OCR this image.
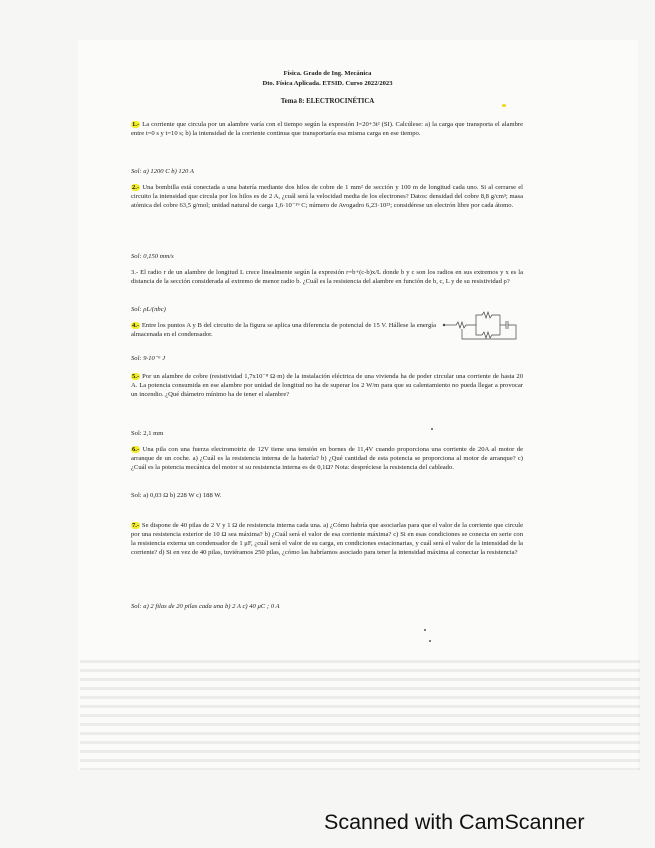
Física. Grado de Ing. Mecánica
Dto. Física Aplicada. ETSID. Curso 2022/2023
Tema 8: ELECTROCINÉTICA
1.- La corriente que circula por un alambre varía con el tiempo según la expresión I=20+3t² (SI). Calcúlese: a) la carga que transporta el alambre entre t=0 s y t=10 s; b) la intensidad de la corriente continua que transportaría esa misma carga en ese tiempo.
Sol: a) 1200 C b) 120 A
2.- Una bombilla está conectada a una batería mediante dos hilos de cobre de 1 mm² de sección y 100 m de longitud cada uno. Si al cerrarse el circuito la intensidad que circula por los hilos es de 2 A, ¿cuál será la velocidad media de los electrones? Datos: densidad del cobre 8,8 g/cm³; masa atómica del cobre 63,5 g/mol; unidad natural de carga 1,6·10⁻¹⁹ C; número de Avogadro 6,23·10²³; considérese un electrón libre por cada átomo.
Sol: 0,150 mm/s
3.- El radio r de un alambre de longitud L crece linealmente según la expresión r=b+(c-b)x/L donde b y c son los radios en sus extremos y x es la distancia de la sección considerada al extremo de menor radio b. ¿Cuál es la resistencia del alambre en función de b, c, L y de su resistividad ρ?
Sol: ρL/(πbc)
4.- Entre los puntos A y B del circuito de la figura se aplica una diferencia de potencial de 15 V. Hállese la energía almacenada en el condensador.
Sol: 9·10⁻⁶ J
5.- Por un alambre de cobre (resistividad 1,7x10⁻⁸ Ω·m) de la instalación eléctrica de una vivienda ha de poder circular una corriente de hasta 20 A. La potencia consumida en ese alambre por unidad de longitud no ha de superar los 2 W/m para que su calentamiento no pueda llegar a provocar un incendio. ¿Qué diámetro mínimo ha de tener el alambre?
Sol: 2,1 mm
6.- Una pila con una fuerza electromotriz de 12V tiene una tensión en bornes de 11,4V cuando proporciona una corriente de 20A al motor de arranque de un coche. a) ¿Cuál es la resistencia interna de la batería? b) ¿Qué cantidad de esta potencia se proporciona al motor de arranque? c) ¿Cuál es la potencia mecánica del motor si su resistencia interna es de 0,1Ω? Nota: despréciese la resistencia del cableado.
Sol: a) 0,03 Ω b) 228 W c) 188 W.
7.- Se dispone de 40 pilas de 2 V y 1 Ω de resistencia interna cada una. a) ¿Cómo habría que asociarlas para que el valor de la corriente que circule por una resistencia exterior de 10 Ω sea máxima? b) ¿Cuál será el valor de esa corriente máxima? c) Si en esas condiciones se conecta en serie con la resistencia externa un condensador de 1 μF, ¿cuál será el valor de su carga, en condiciones estacionarias, y cuál será el valor de la intensidad de la corriente? d) Si en vez de 40 pilas, tuviéramos 250 pilas, ¿cómo las habríamos asociado para tener la intensidad máxima al conectar la resistencia?
Sol: a) 2 filas de 20 pilas cada una b) 2 A c) 40 μC ; 0 A
Scanned with CamScanner
